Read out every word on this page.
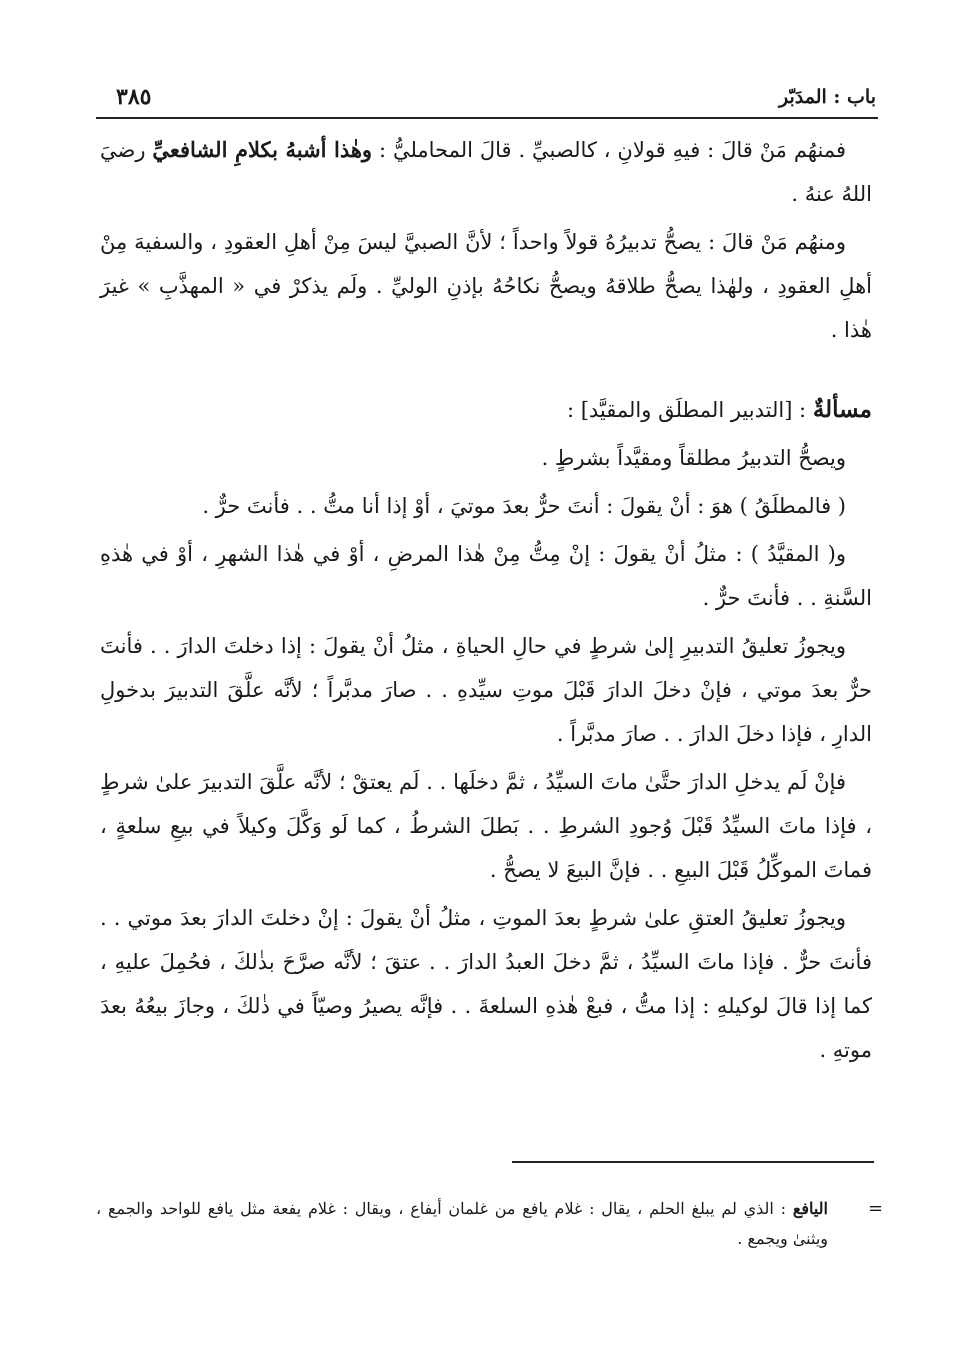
باب : المدَبّر
٣٨٥

فمنهُم مَنْ قالَ : فيهِ قولانِ ، كالصبيِّ . قالَ المحامليُّ : وهٰذا أشبهُ بكلامِ الشافعيِّ رضيَ اللهُ عنهُ .

ومنهُم مَنْ قالَ : يصحُّ تدبيرُهُ قولاً واحداً ؛ لأنَّ الصبيَّ ليسَ مِنْ أهلِ العقودِ ، والسفيهَ مِنْ أهلِ العقودِ ، ولهٰذا يصحُّ طلاقهُ ويصحُّ نكاحُهُ بإذنِ الوليِّ . ولَم يذكرْ في « المهذَّبِ » غيرَ هٰذا .

مسألةٌ : [التدبير المطلَق والمقيَّد] :

ويصحُّ التدبيرُ مطلقاً ومقيَّداً بشرطٍ .

( فالمطلَقُ ) هوَ : أنْ يقولَ : أنتَ حرٌّ بعدَ موتيَ ، أوْ إذا أنا متُّ . . فأنتَ حرٌّ .

و( المقيَّدُ ) : مثلُ أنْ يقولَ : إنْ مِتُّ مِنْ هٰذا المرضِ ، أوْ في هٰذا الشهرِ ، أوْ في هٰذهِ السَّنةِ . . فأنتَ حرٌّ .

ويجوزُ تعليقُ التدبيرِ إلىٰ شرطٍ في حالِ الحياةِ ، مثلُ أنْ يقولَ : إذا دخلتَ الدارَ . . فأنتَ حرٌّ بعدَ موتي ، فإنْ دخلَ الدارَ قَبْلَ موتِ سيِّدهِ . . صارَ مدبَّراً ؛ لأنَّه علَّقَ التدبيرَ بدخولِ الدارِ ، فإذا دخلَ الدارَ . . صارَ مدبَّراً .

فإنْ لَم يدخلِ الدارَ حتَّىٰ ماتَ السيِّدُ ، ثمَّ دخلَها . . لَم يعتقْ ؛ لأنَّه علَّقَ التدبيرَ علىٰ شرطٍ ، فإذا ماتَ السيِّدُ قَبْلَ وُجودِ الشرطِ . . بَطلَ الشرطُ ، كما لَو وَكَّلَ وكيلاً في بيعِ سلعةٍ ، فماتَ الموكِّلُ قَبْلَ البيعِ . . فإنَّ البيعَ لا يصحُّ .

ويجوزُ تعليقُ العتقِ علىٰ شرطٍ بعدَ الموتِ ، مثلُ أنْ يقولَ : إنْ دخلتَ الدارَ بعدَ موتي . . فأنتَ حرٌّ . فإذا ماتَ السيِّدُ ، ثمَّ دخلَ العبدُ الدارَ . . عتقَ ؛ لأنَّه صرَّحَ بذٰلكَ ، فحُمِلَ عليهِ ، كما إذا قالَ لوكيلهِ : إذا متُّ ، فبعْ هٰذهِ السلعةَ . . فإنَّه يصيرُ وصيّاً في ذٰلكَ ، وجازَ بيعُهُ بعدَ موتهِ .

=
اليافع : الذي لم يبلغ الحلم ، يقال : غلام يافع من غلمان أيفاع ، ويقال : غلام يفعة مثل يافع للواحد والجمع ، ويثنىٰ ويجمع .
